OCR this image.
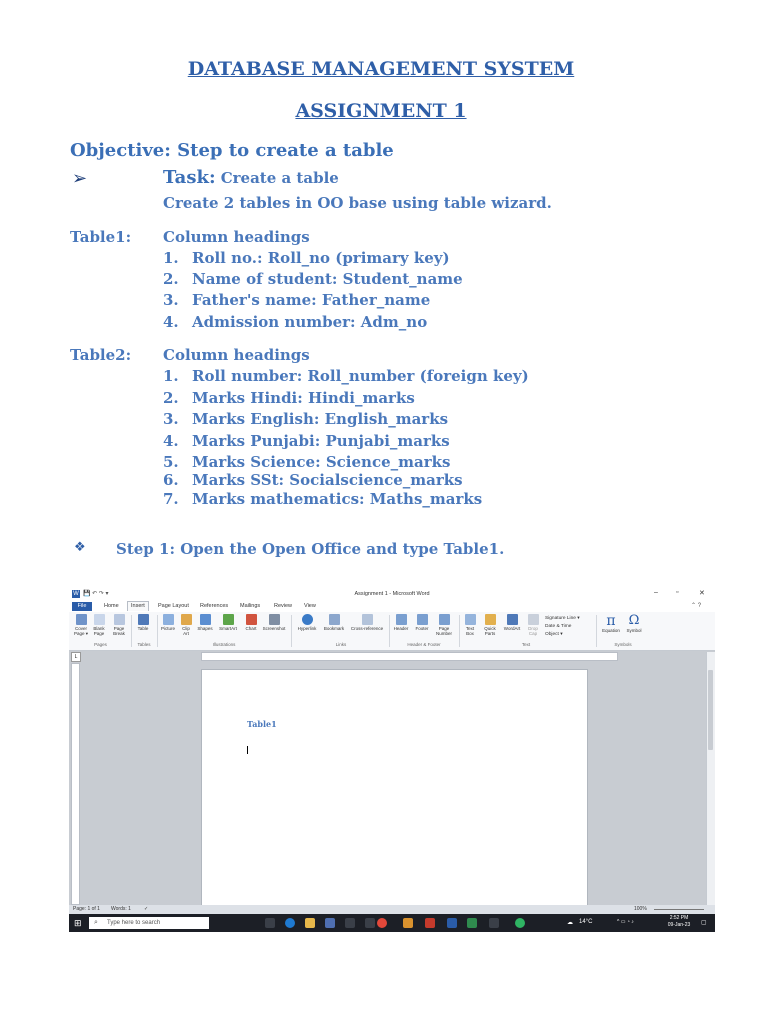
DATABASE MANAGEMENT SYSTEM
ASSIGNMENT 1
Objective: Step to create a table
➢	Task: Create a table
Create 2 tables in OO base using table wizard.
Table1: Column headings
1. Roll no.: Roll_no (primary key)
2. Name of student: Student_name
3. Father's name: Father_name
4. Admission number: Adm_no
Table2: Column headings
1. Roll number: Roll_number (foreign key)
2. Marks Hindi: Hindi_marks
3. Marks English: English_marks
4. Marks Punjabi: Punjabi_marks
5. Marks Science: Science_marks
6. Marks SSt: Socialscience_marks
7. Marks mathematics: Maths_marks
❖ Step 1: Open the Open Office and type Table1.
W 💾 ↶ ↷ ▾	Assignment 1 - Microsoft Word	–	▫	✕
File	Home	Insert	Page Layout	References	Mailings	Review	View	⌃ ?
Cover Page ▾
Blank Page
Page Break
Pages
Table
Tables
Picture	Clip Art
Shapes	SmartArt	Chart	Screenshot
Illustrations
Hyperlink	Bookmark	Cross-reference
Links
Header	Footer	Page Number
Header & Footer
Text Box
Quick Parts
WordArt	Drop Cap
Signature Line ▾
Date & Time
Object ▾
Text
π
Equation
Ω
Symbol
Symbols
L
Table1
Page: 1 of 1 Words: 1	✓	100%
⊞ ⌕ Type here to search	☁ 14°C	^ ▭ ◔ ♪
2:52 PM
09-Jan-23	▢
